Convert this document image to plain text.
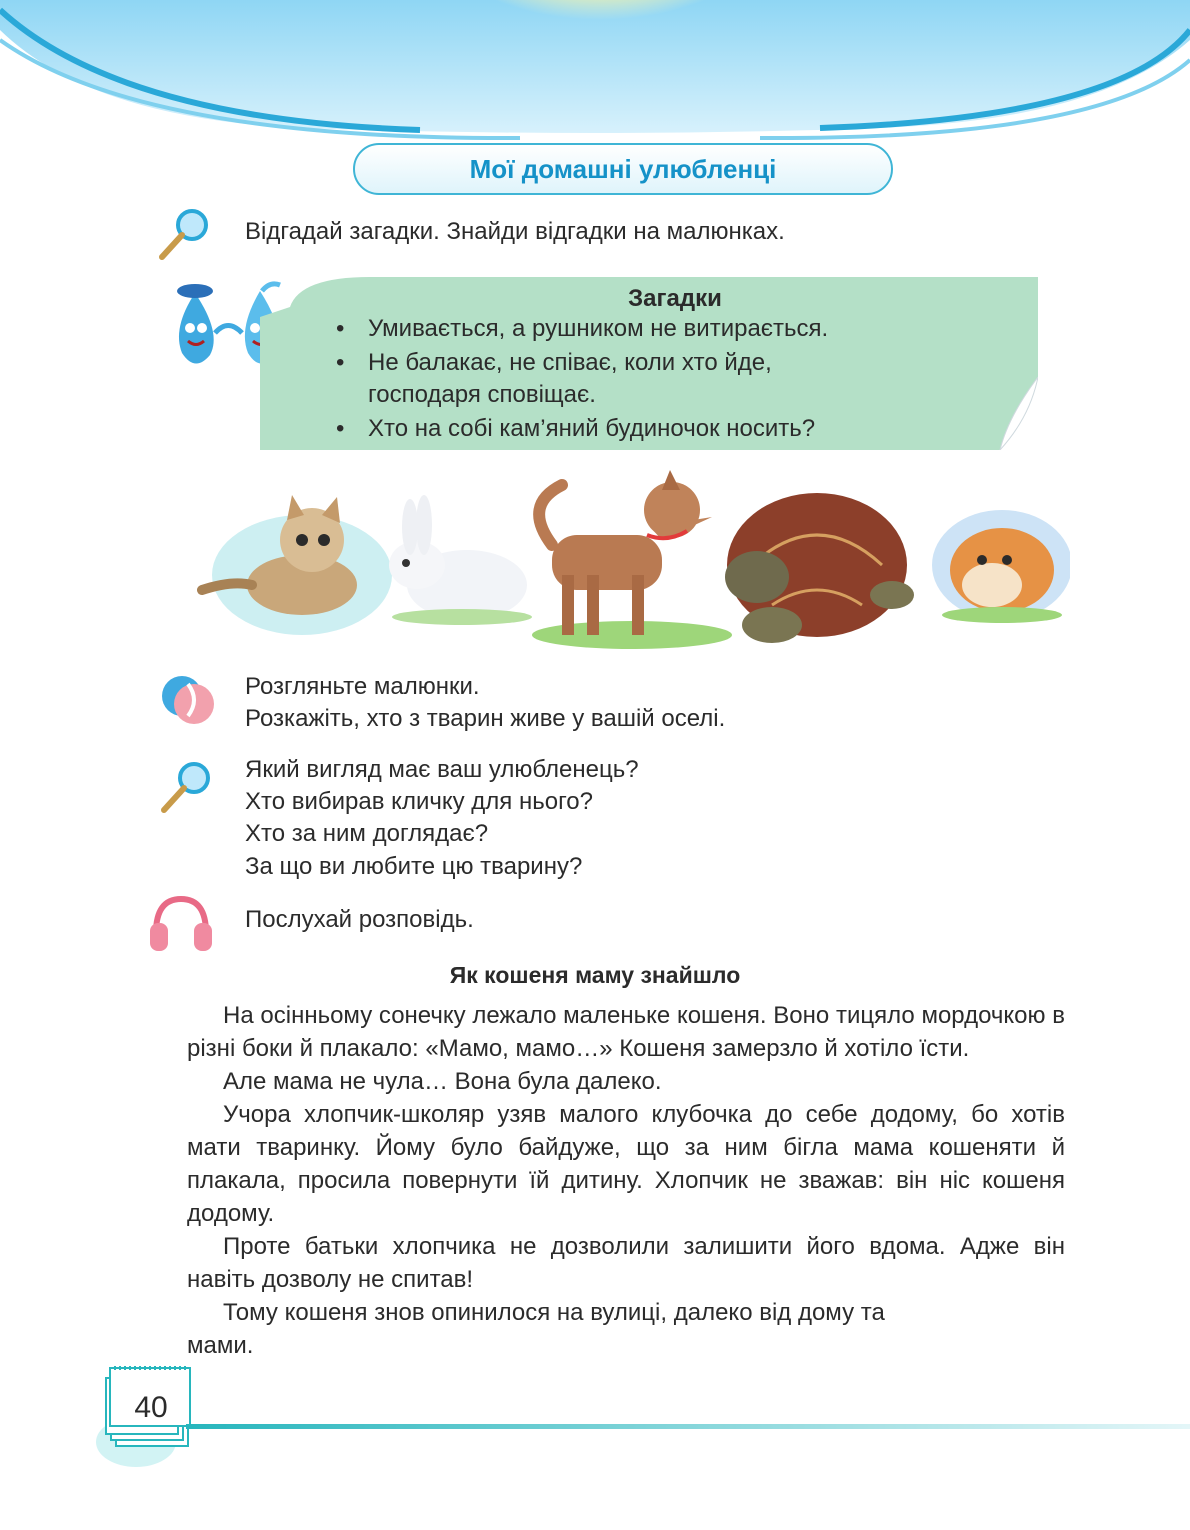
Мої домашні улюбленці
Відгадай загадки. Знайди відгадки на малюнках.
Загадки
• Умивається, а рушником не витирається.
• Не балакає, не співає, коли хто йде,
господаря сповіщає.
• Хто на собі кам’яний будиночок носить?
Розгляньте малюнки.
Розкажіть, хто з тварин живе у вашій оселі.
Який вигляд має ваш улюбленець?
Хто вибирав кличку для нього?
Хто за ним доглядає?
За що ви любите цю тварину?
Послухай розповідь.
Як кошеня маму знайшло

На осінньому сонечку лежало маленьке кошеня. Воно тицяло мордочкою в різні боки й плакало: «Мамо, мамо…» Кошеня замерзло й хотіло їсти.

Але мама не чула… Вона була далеко.

Учора хлопчик-школяр узяв малого клубочка до себе додому, бо хотів мати тваринку. Йому було байдуже, що за ним бігла мама кошеняти й плакала, просила повернути їй дитину. Хлопчик не зважав: він ніс кошеня додому.

Проте батьки хлопчика не дозволили залишити його вдома. Адже він навіть дозволу не спитав!

Тому кошеня знов опинилося на вулиці, далеко від дому та

мами.

40
